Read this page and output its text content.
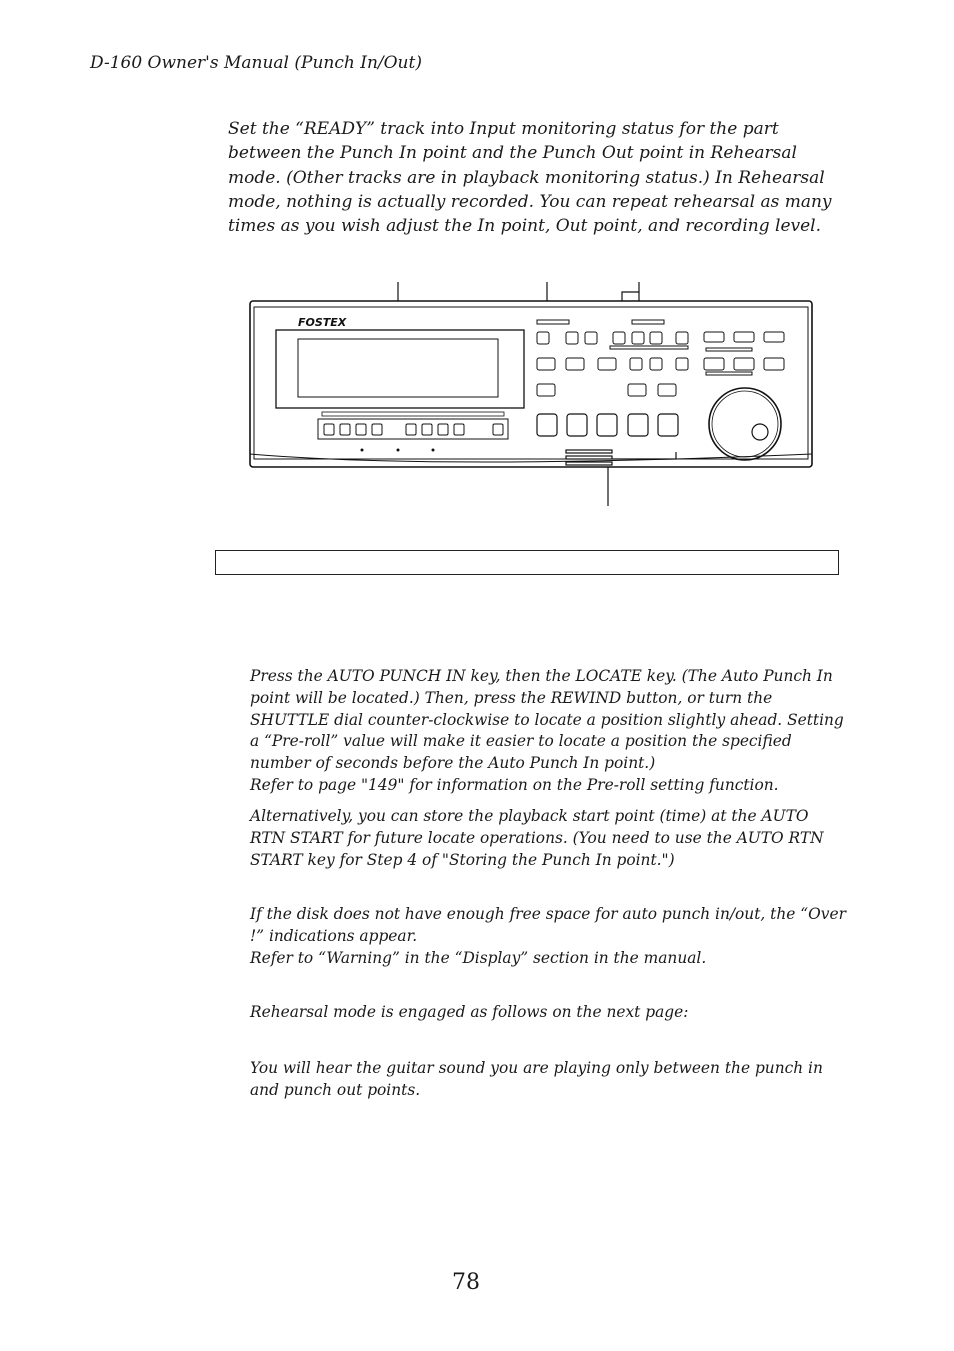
D-160 Owner's Manual (Punch In/Out)
Set the “READY” track into Input monitoring status for the part between the Punch In point and the Punch Out point in Rehearsal mode. (Other tracks are in playback monitoring status.) In Rehearsal mode, nothing is actually recorded. You can repeat rehearsal as many times as you wish adjust the In point, Out point, and recording level.
FOSTEX

Press the AUTO PUNCH IN key, then the LOCATE key. (The Auto Punch In point will be located.) Then, press the REWIND button, or turn the SHUTTLE dial counter-clockwise to locate a position slightly ahead. Setting a “Pre-roll” value will make it easier to locate a position the specified number of seconds before the Auto Punch In point.)

Refer to page "149" for information on the Pre-roll setting function.

Alternatively, you can store the playback start point (time) at the AUTO RTN START for future locate operations. (You need to use the AUTO RTN START key for Step 4 of "Storing the Punch In point.")

If the disk does not have enough free space for auto punch in/out, the “Over !” indications appear.

Refer to “Warning” in the “Display” section in the manual.

Rehearsal mode is engaged as follows on the next page:
You will hear the guitar sound you are playing only between the punch in and punch out points.
78
